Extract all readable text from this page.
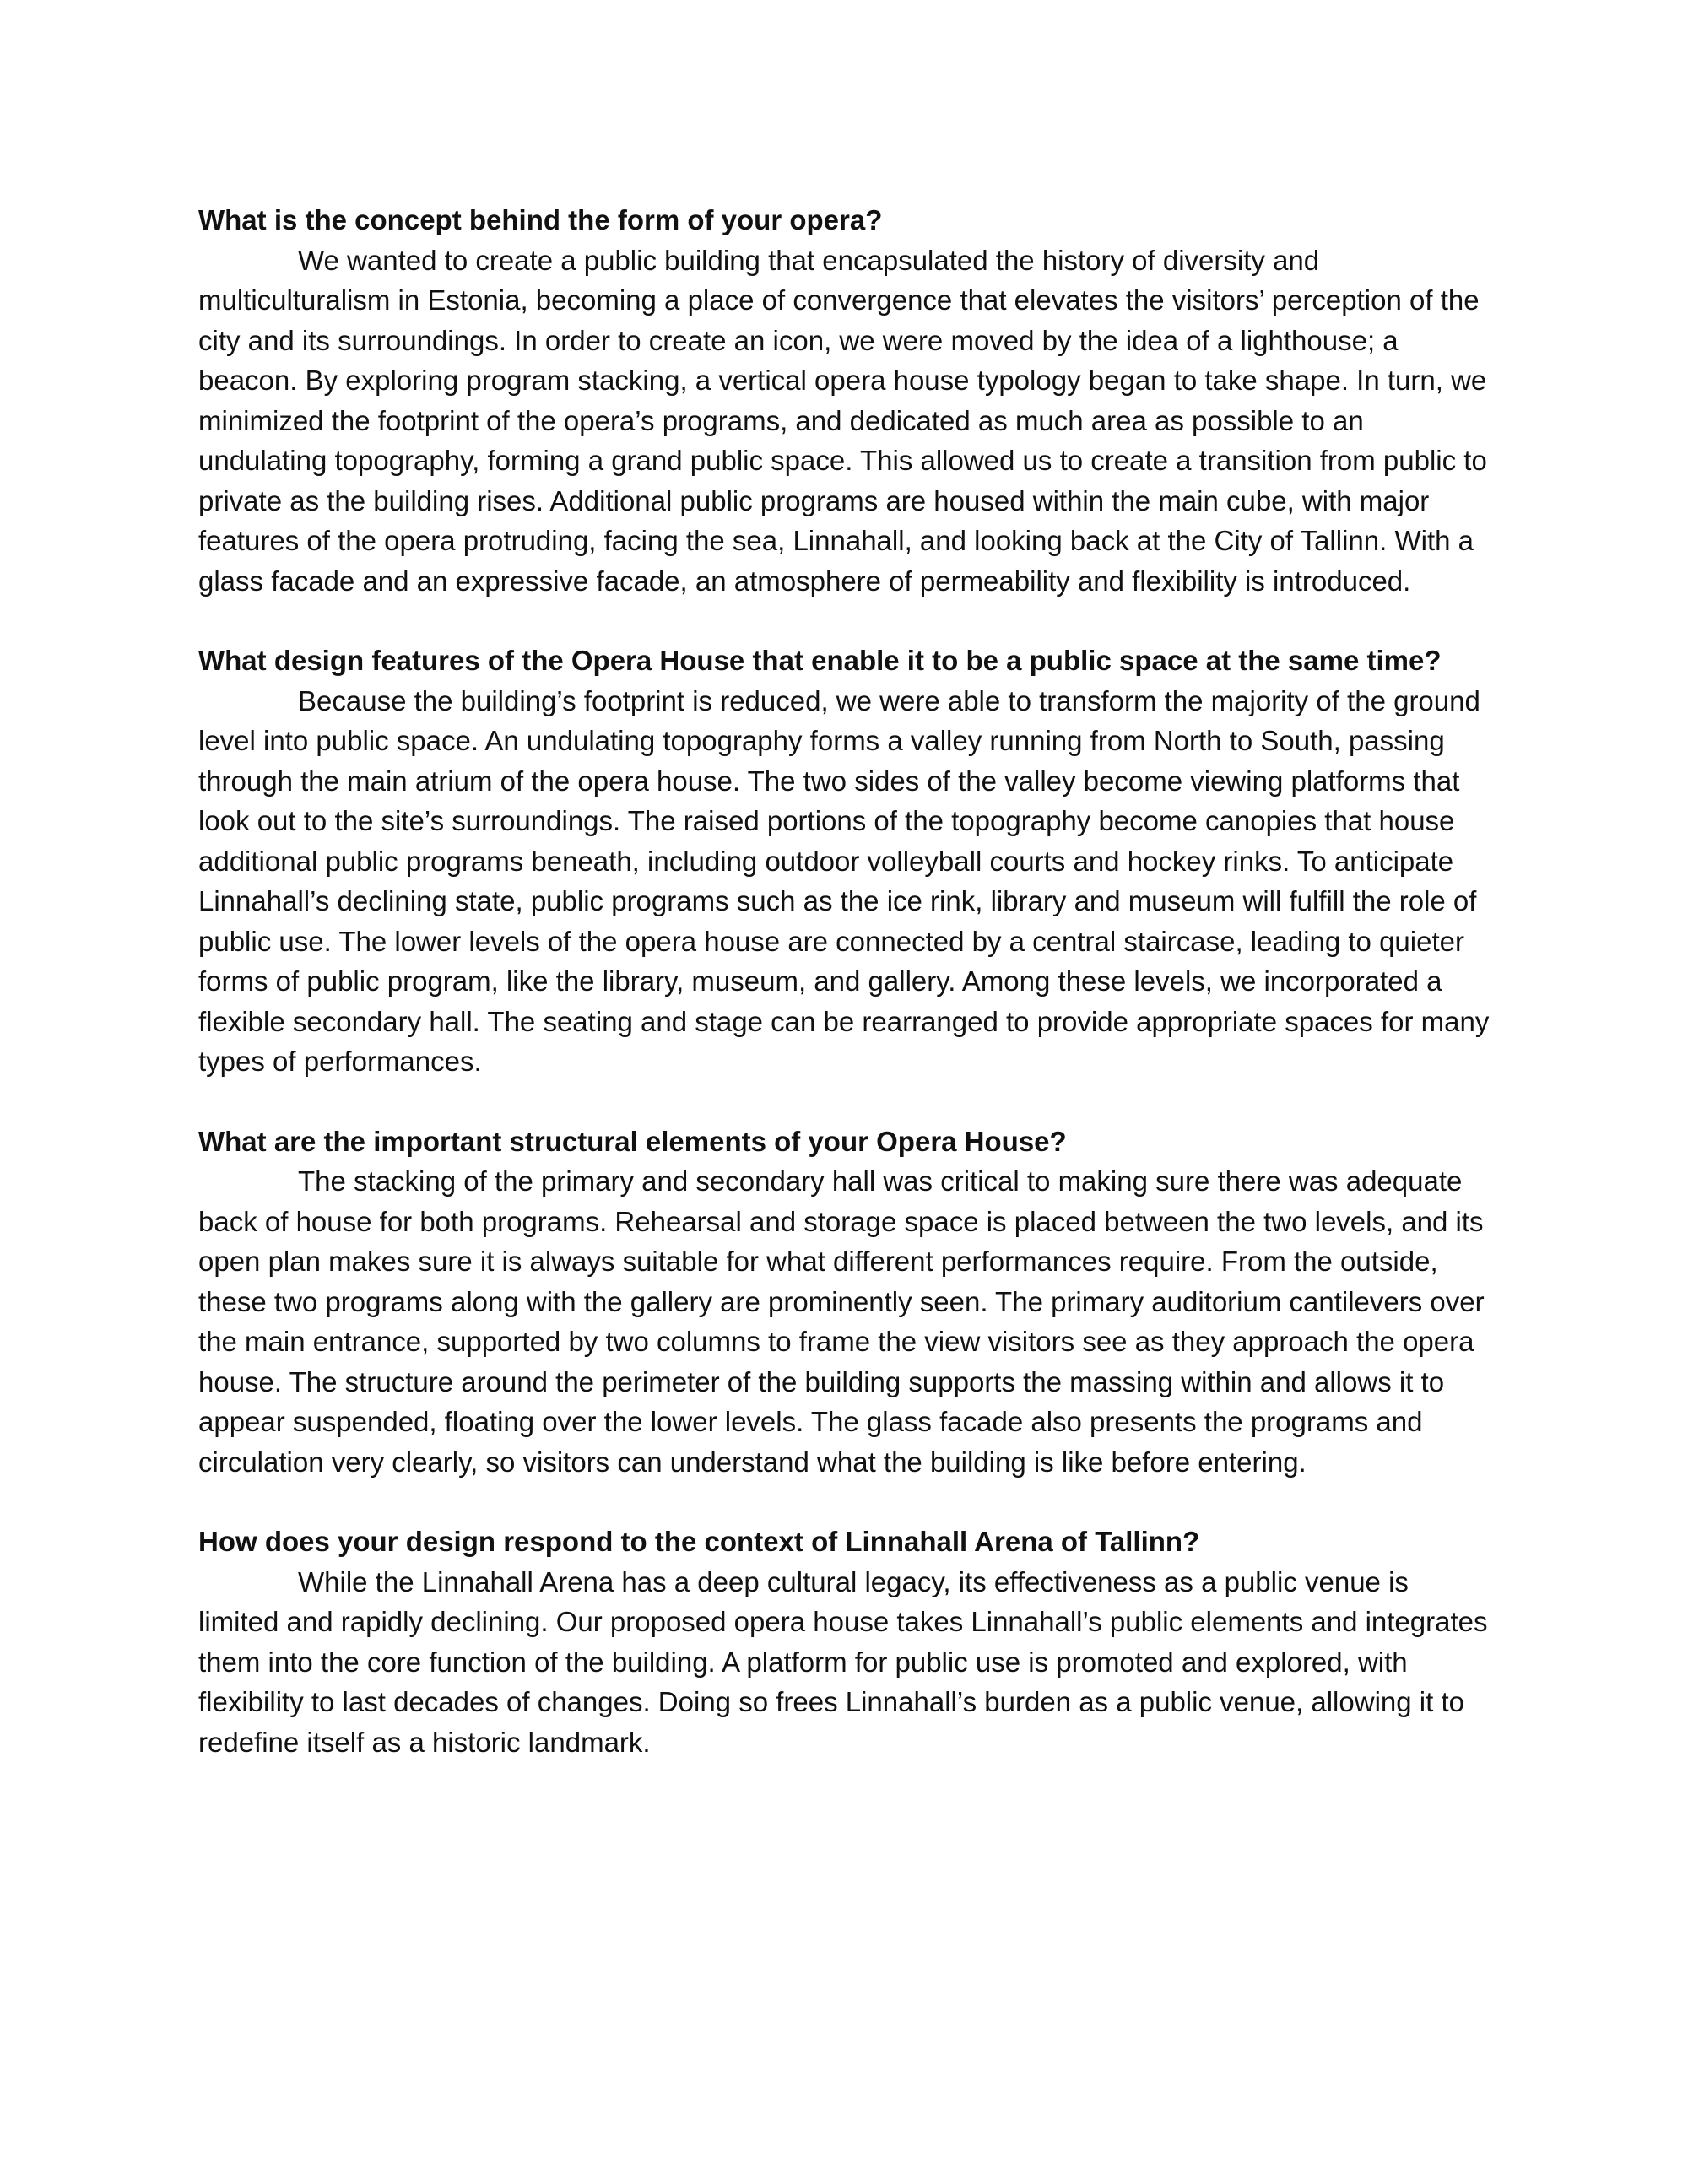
What is the concept behind the form of your opera?

We wanted to create a public building that encapsulated the history of diversity and multiculturalism in Estonia, becoming a place of convergence that elevates the visitors’ perception of the city and its surroundings. In order to create an icon, we were moved by the idea of a lighthouse; a beacon. By exploring program stacking, a vertical opera house typology began to take shape. In turn, we minimized the footprint of the opera’s programs, and dedicated as much area as possible to an undulating topography, forming a grand public space. This allowed us to create a transition from public to private as the building rises. Additional public programs are housed within the main cube, with major features of the opera protruding, facing the sea, Linnahall, and looking back at the City of Tallinn. With a glass facade and an expressive facade, an atmosphere of permeability and flexibility is introduced.

What design features of the Opera House that enable it to be a public space at the same time?

Because the building’s footprint is reduced, we were able to transform the majority of the ground level into public space. An undulating topography forms a valley running from North to South, passing through the main atrium of the opera house. The two sides of the valley become viewing platforms that look out to the site’s surroundings. The raised portions of the topography become canopies that house additional public programs beneath, including outdoor volleyball courts and hockey rinks. To anticipate Linnahall’s declining state, public programs such as the ice rink, library and museum will fulfill the role of public use. The lower levels of the opera house are connected by a central staircase, leading to quieter forms of public program, like the library, museum, and gallery. Among these levels, we incorporated a flexible secondary hall. The seating and stage can be rearranged to provide appropriate spaces for many types of performances.

What are the important structural elements of your Opera House?

The stacking of the primary and secondary hall was critical to making sure there was adequate back of house for both programs. Rehearsal and storage space is placed between the two levels, and its open plan makes sure it is always suitable for what different performances require. From the outside, these two programs along with the gallery are prominently seen. The primary auditorium cantilevers over the main entrance, supported by two columns to frame the view visitors see as they approach the opera house. The structure around the perimeter of the building supports the massing within and allows it to appear suspended, floating over the lower levels. The glass facade also presents the programs and circulation very clearly, so visitors can understand what the building is like before entering.

How does your design respond to the context of Linnahall Arena of Tallinn?

While the Linnahall Arena has a deep cultural legacy, its effectiveness as a public venue is limited and rapidly declining. Our proposed opera house takes Linnahall’s public elements and integrates them into the core function of the building. A platform for public use is promoted and explored, with flexibility to last decades of changes. Doing so frees Linnahall’s burden as a public venue, allowing it to redefine itself as a historic landmark.
